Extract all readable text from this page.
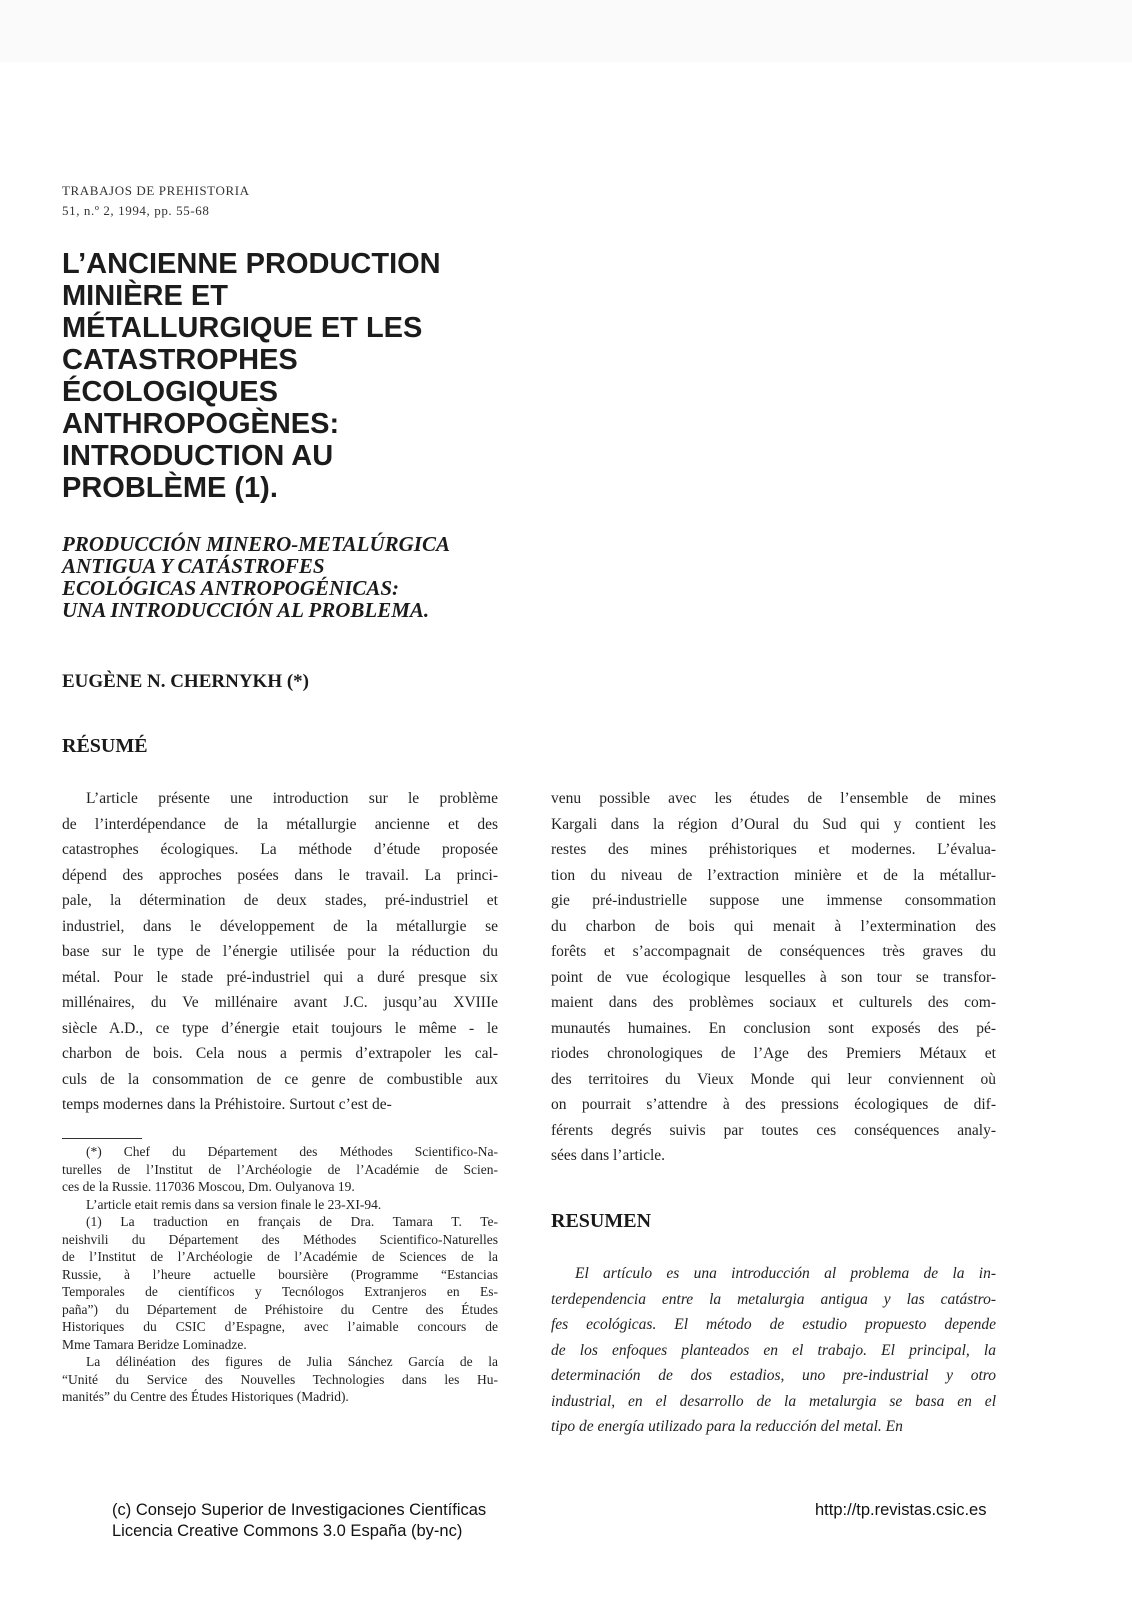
TRABAJOS DE PREHISTORIA
51, n.º 2, 1994, pp. 55-68
L’ANCIENNE PRODUCTION
MINIÈRE ET
MÉTALLURGIQUE ET LES
CATASTROPHES
ÉCOLOGIQUES
ANTHROPOGÈNES:
INTRODUCTION AU
PROBLÈME (1).
PRODUCCIÓN MINERO-METALÚRGICA
ANTIGUA Y CATÁSTROFES
ECOLÓGICAS ANTROPOGÉNICAS:
UNA INTRODUCCIÓN AL PROBLEMA.
EUGÈNE N. CHERNYKH (*)
RÉSUMÉ
L’article présente une introduction sur le problème
de l’interdépendance de la métallurgie ancienne et des
catastrophes écologiques. La méthode d’étude proposée
dépend des approches posées dans le travail. La princi-
pale, la détermination de deux stades, pré-industriel et
industriel, dans le développement de la métallurgie se
base sur le type de l’énergie utilisée pour la réduction du
métal. Pour le stade pré-industriel qui a duré presque six
millénaires, du Ve millénaire avant J.C. jusqu’au XVIIIe
siècle A.D., ce type d’énergie etait toujours le même - le
charbon de bois. Cela nous a permis d’extrapoler les cal-
culs de la consommation de ce genre de combustible aux
temps modernes dans la Préhistoire. Surtout c’est de-
venu possible avec les études de l’ensemble de mines
Kargali dans la région d’Oural du Sud qui y contient les
restes des mines préhistoriques et modernes. L’évalua-
tion du niveau de l’extraction minière et de la métallur-
gie pré-industrielle suppose une immense consommation
du charbon de bois qui menait à l’extermination des
forêts et s’accompagnait de conséquences très graves du
point de vue écologique lesquelles à son tour se transfor-
maient dans des problèmes sociaux et culturels des com-
munautés humaines. En conclusion sont exposés des pé-
riodes chronologiques de l’Age des Premiers Métaux et
des territoires du Vieux Monde qui leur conviennent où
on pourrait s’attendre à des pressions écologiques de dif-
férents degrés suivis par toutes ces conséquences analy-
sées dans l’article.
(*) Chef du Département des Méthodes Scientifico-Na-
turelles de l’Institut de l’Archéologie de l’Académie de Scien-
ces de la Russie. 117036 Moscou, Dm. Oulyanova 19.
L’article etait remis dans sa version finale le 23-XI-94.
(1) La traduction en français de Dra. Tamara T. Te-
neishvili du Département des Méthodes Scientifico-Naturelles
de l’Institut de l’Archéologie de l’Académie de Sciences de la
Russie, à l’heure actuelle boursière (Programme “Estancias
Temporales de científicos y Tecnólogos Extranjeros en Es-
paña”) du Département de Préhistoire du Centre des Études
Historiques du CSIC d’Espagne, avec l’aimable concours de
Mme Tamara Beridze Lominadze.
La délinéation des figures de Julia Sánchez García de la
“Unité du Service des Nouvelles Technologies dans les Hu-
manités” du Centre des Études Historiques (Madrid).
RESUMEN
El artículo es una introducción al problema de la in-
terdependencia entre la metalurgia antigua y las catástro-
fes ecológicas. El método de estudio propuesto depende
de los enfoques planteados en el trabajo. El principal, la
determinación de dos estadios, uno pre-industrial y otro
industrial, en el desarrollo de la metalurgia se basa en el
tipo de energía utilizado para la reducción del metal. En
(c) Consejo Superior de Investigaciones Científicas
Licencia Creative Commons 3.0 España (by-nc)
http://tp.revistas.csic.es
